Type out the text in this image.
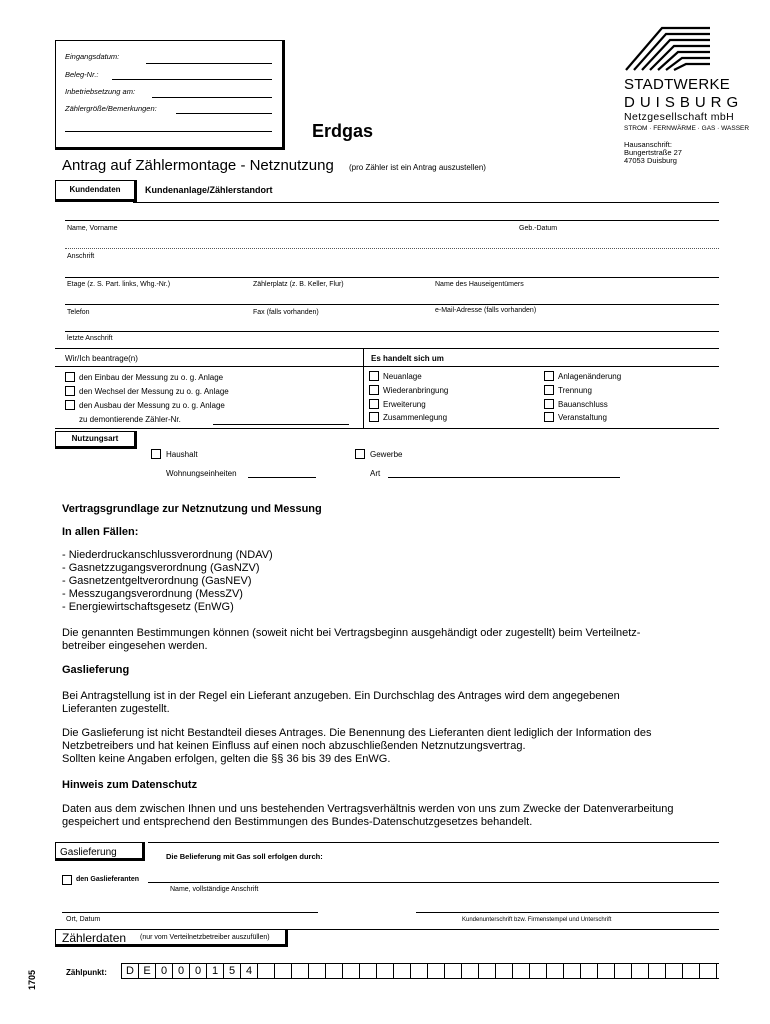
Eingangsdatum:
Beleg-Nr.:
Inbetriebsetzung am:
Zählergröße/Bemerkungen:
STADTWERKE
DUISBURG
Netzgesellschaft mbH
STROM · FERNWÄRME · GAS · WASSER
Hausanschrift:
Bungertstraße 27
47053 Duisburg
Erdgas
Antrag auf Zählermontage - Netznutzung (pro Zähler ist ein Antrag auszustellen)
Kundendaten	Kundenanlage/Zählerstandort
Name, Vorname	Geb.-Datum
Anschrift
Etage (z. S. Part. links, Whg.-Nr.)	Zählerplatz (z. B. Keller, Flur)	Name des Hauseigentümers
Telefon	Fax (falls vorhanden)	e-Mail-Adresse (falls vorhanden)
letzte Anschrift
Wir/Ich beantrage(n)	Es handelt sich um
den Einbau der Messung zu o. g. Anlage
den Wechsel der Messung zu o. g. Anlage
den Ausbau der Messung zu o. g. Anlage
zu demontierende Zähler-Nr.
Neuanlage
Wiederanbringung
Erweiterung
Zusammenlegung
Anlagenänderung
Trennung
Bauanschluss
Veranstaltung
Nutzungsart
Haushalt
Wohnungseinheiten
Gewerbe
Art
Vertragsgrundlage zur Netznutzung und Messung
In allen Fällen:
- Niederdruckanschlussverordnung (NDAV)
- Gasnetzzugangsverordnung (GasNZV)
- Gasnetzentgeltverordnung (GasNEV)
- Messzugangsverordnung (MessZV)
- Energiewirtschaftsgesetz (EnWG)
Die genannten Bestimmungen können (soweit nicht bei Vertragsbeginn ausgehändigt oder zugestellt) beim Verteilnetz-
betreiber eingesehen werden.
Gaslieferung
Bei Antragstellung ist in der Regel ein Lieferant anzugeben. Ein Durchschlag des Antrages wird dem angegebenen
Lieferanten zugestellt.
Die Gaslieferung ist nicht Bestandteil dieses Antrages. Die Benennung des Lieferanten dient lediglich der Information des
Netzbetreibers und hat keinen Einfluss auf einen noch abzuschließenden Netznutzungsvertrag.
Sollten keine Angaben erfolgen, gelten die §§ 36 bis 39 des EnWG.
Hinweis zum Datenschutz
Daten aus dem zwischen Ihnen und uns bestehenden Vertragsverhältnis werden von uns zum Zwecke der Datenverarbeitung
gespeichert und entsprechend den Bestimmungen des Bundes-Datenschutzgesetzes behandelt.
Gaslieferung	Die Belieferung mit Gas soll erfolgen durch:
den Gaslieferanten
Name, vollständige Anschrift
Ort, Datum	Kundenunterschrift bzw. Firmenstempel und Unterschrift
Zählerdaten (nur vom Verteilnetzbetreiber auszufüllen)
Zählpunkt:	D E 0 0 0 1 5 4
1705
